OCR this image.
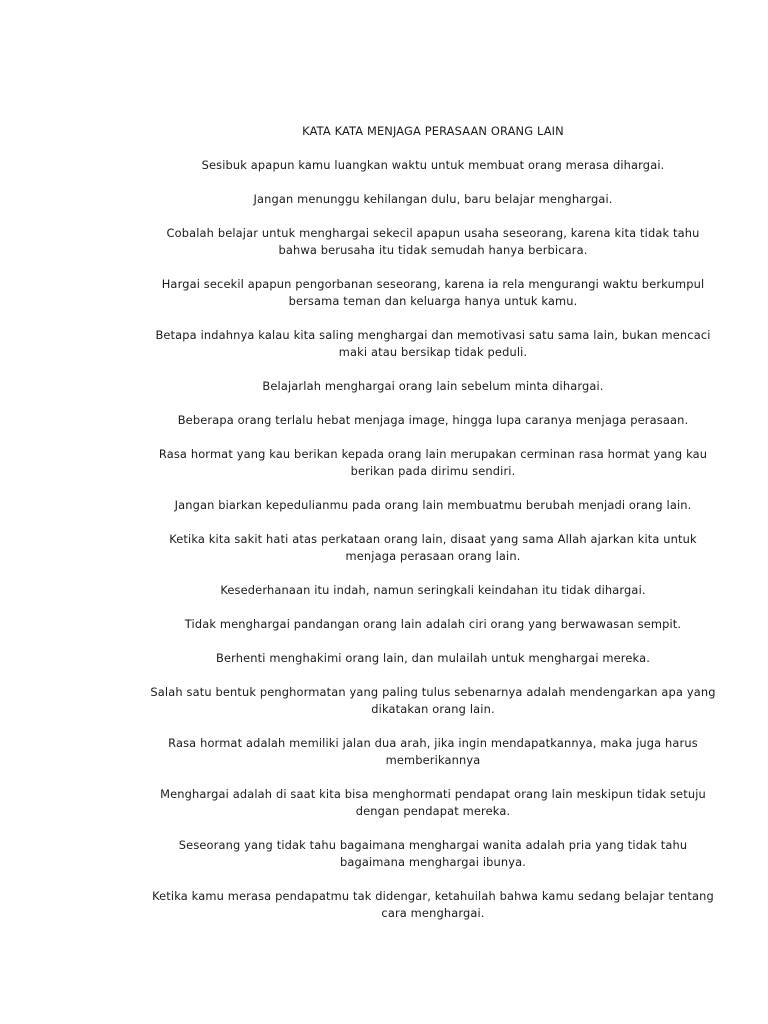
KATA KATA MENJAGA PERASAAN ORANG LAIN
Sesibuk apapun kamu luangkan waktu untuk membuat orang merasa dihargai.
Jangan menunggu kehilangan dulu, baru belajar menghargai.
Cobalah belajar untuk menghargai sekecil apapun usaha seseorang, karena kita tidak tahu bahwa berusaha itu tidak semudah hanya berbicara.
Hargai secekil apapun pengorbanan seseorang, karena ia rela mengurangi waktu berkumpul bersama teman dan keluarga hanya untuk kamu.
Betapa indahnya kalau kita saling menghargai dan memotivasi satu sama lain, bukan mencaci maki atau bersikap tidak peduli.
Belajarlah menghargai orang lain sebelum minta dihargai.
Beberapa orang terlalu hebat menjaga image, hingga lupa caranya menjaga perasaan.
Rasa hormat yang kau berikan kepada orang lain merupakan cerminan rasa hormat yang kau berikan pada dirimu sendiri.
Jangan biarkan kepedulianmu pada orang lain membuatmu berubah menjadi orang lain.
Ketika kita sakit hati atas perkataan orang lain, disaat yang sama Allah ajarkan kita untuk menjaga perasaan orang lain.
Kesederhanaan itu indah, namun seringkali keindahan itu tidak dihargai.
Tidak menghargai pandangan orang lain adalah ciri orang yang berwawasan sempit.
Berhenti menghakimi orang lain, dan mulailah untuk menghargai mereka.
Salah satu bentuk penghormatan yang paling tulus sebenarnya adalah mendengarkan apa yang dikatakan orang lain.
Rasa hormat adalah memiliki jalan dua arah, jika ingin mendapatkannya, maka juga harus memberikannya
Menghargai adalah di saat kita bisa menghormati pendapat orang lain meskipun tidak setuju dengan pendapat mereka.
Seseorang yang tidak tahu bagaimana menghargai wanita adalah pria yang tidak tahu bagaimana menghargai ibunya.
Ketika kamu merasa pendapatmu tak didengar, ketahuilah bahwa kamu sedang belajar tentang cara menghargai.
